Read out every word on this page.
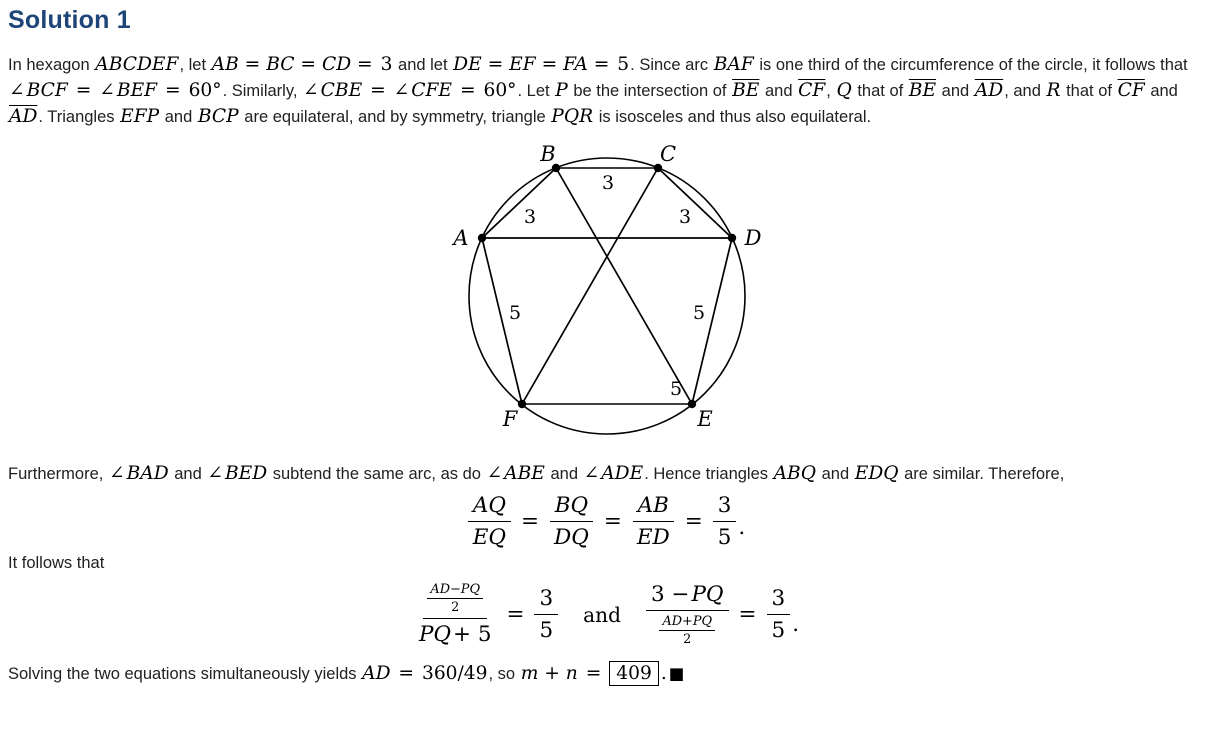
Solution 1

In hexagon ABCDEF, let AB = BC = CD = 3 and let DE = EF = FA = 5. Since arc BAF is one third of the circumference of the circle, it follows that ∠ BCF = ∠ BEF = 60°. Similarly, ∠ CBE = ∠ CFE = 60°. Let P be the intersection of $\overline{BE}$ and $\overline{CF}$, Q that of $\overline{BE}$ and $\overline{AD}$, and R that of $\overline{CF}$ and $\overline{AD}$. Triangles EFP and BCP are equilateral, and by symmetry, triangle PQR is isosceles and thus also equilateral.

A
B	C
D
E
F
3
3
3
5
5
5

Furthermore, ∠ BAD and ∠ BED subtend the same arc, as do ∠ ABE and ∠ ADE. Hence triangles ABQ and EDQ are similar. Therefore,

$\frac{AQ}{EQ} = \frac{BQ}{DQ} = \frac{AB}{ED} = \frac{3}{5}$ .

It follows that

$\frac{\frac{AD-PQ}{2}}{PQ + 5} = \frac{3}{5}$ and $\frac{3 - PQ}{\frac{AD+PQ}{2}} = \frac{3}{5}$ .

Solving the two equations simultaneously yields AD = 360/49, so m + n = 409 . ■
